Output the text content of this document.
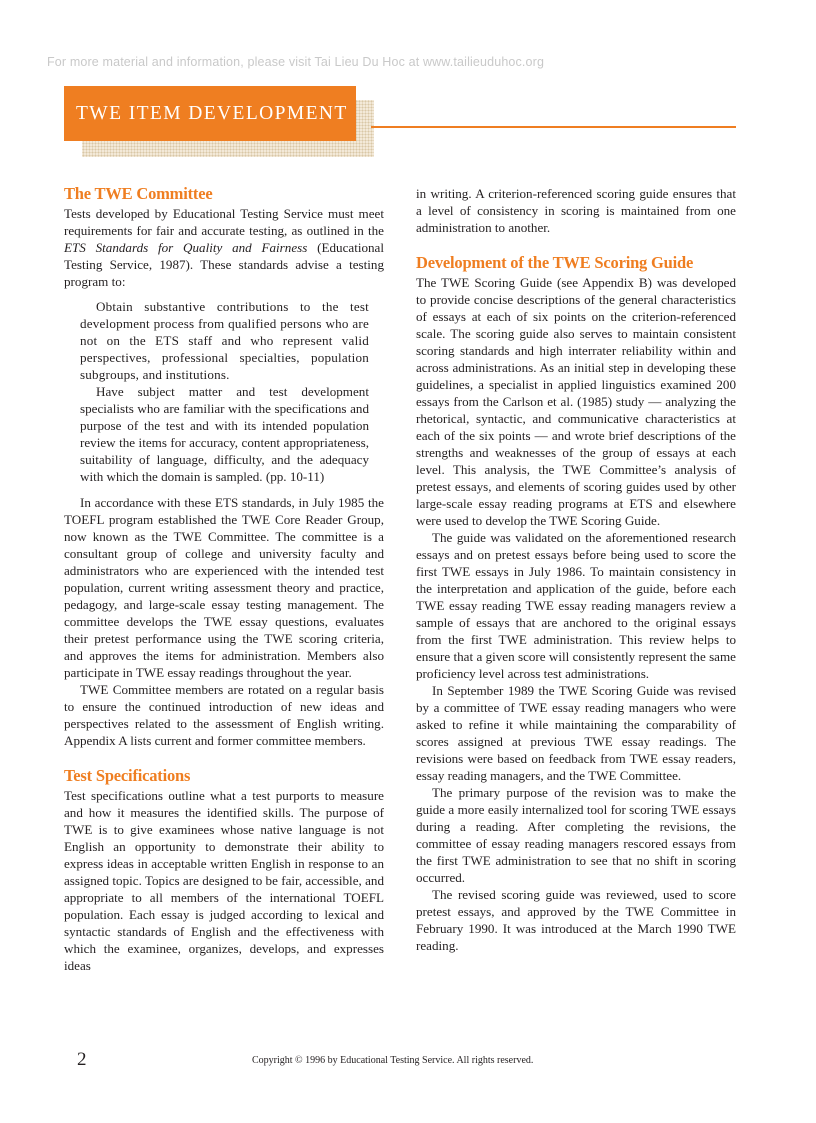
For more material and information, please visit Tai Lieu Du Hoc at www.tailieuduhoc.org
TWE ITEM DEVELOPMENT
The TWE Committee

Tests developed by Educational Testing Service must meet requirements for fair and accurate testing, as outlined in the ETS Standards for Quality and Fairness (Educational Testing Service, 1987). These standards advise a testing program to:

Obtain substantive contributions to the test development process from qualified persons who are not on the ETS staff and who represent valid perspectives, professional specialties, population subgroups, and institutions.

Have subject matter and test development specialists who are familiar with the specifications and purpose of the test and with its intended population review the items for accuracy, content appropriateness, suitability of language, difficulty, and the adequacy with which the domain is sampled. (pp. 10-11)

In accordance with these ETS standards, in July 1985 the TOEFL program established the TWE Core Reader Group, now known as the TWE Committee. The committee is a consultant group of college and university faculty and administrators who are experienced with the intended test population, current writing assessment theory and practice, pedagogy, and large-scale essay testing management. The committee develops the TWE essay questions, evaluates their pretest performance using the TWE scoring criteria, and approves the items for administration. Members also participate in TWE essay readings throughout the year.

TWE Committee members are rotated on a regular basis to ensure the continued introduction of new ideas and perspectives related to the assessment of English writing. Appendix A lists current and former committee members.

Test Specifications

Test specifications outline what a test purports to measure and how it measures the identified skills. The purpose of TWE is to give examinees whose native language is not English an opportunity to demonstrate their ability to express ideas in acceptable written English in response to an assigned topic. Topics are designed to be fair, accessible, and appropriate to all members of the international TOEFL population. Each essay is judged according to lexical and syntactic standards of English and the effectiveness with which the examinee, organizes, develops, and expresses ideas

in writing. A criterion-referenced scoring guide ensures that a level of consistency in scoring is maintained from one administration to another.

Development of the TWE Scoring Guide

The TWE Scoring Guide (see Appendix B) was developed to provide concise descriptions of the general characteristics of essays at each of six points on the criterion-referenced scale. The scoring guide also serves to maintain consistent scoring standards and high interrater reliability within and across administrations. As an initial step in developing these guidelines, a specialist in applied linguistics examined 200 essays from the Carlson et al. (1985) study — analyzing the rhetorical, syntactic, and communicative characteristics at each of the six points — and wrote brief descriptions of the strengths and weaknesses of the group of essays at each level. This analysis, the TWE Committee’s analysis of pretest essays, and elements of scoring guides used by other large-scale essay reading programs at ETS and elsewhere were used to develop the TWE Scoring Guide.

The guide was validated on the aforementioned research essays and on pretest essays before being used to score the first TWE essays in July 1986. To maintain consistency in the interpretation and application of the guide, before each TWE essay reading TWE essay reading managers review a sample of essays that are anchored to the original essays from the first TWE administration. This review helps to ensure that a given score will consistently represent the same proficiency level across test administrations.

In September 1989 the TWE Scoring Guide was revised by a committee of TWE essay reading managers who were asked to refine it while maintaining the comparability of scores assigned at previous TWE essay readings. The revisions were based on feedback from TWE essay readers, essay reading managers, and the TWE Committee.

The primary purpose of the revision was to make the guide a more easily internalized tool for scoring TWE essays during a reading. After completing the revisions, the committee of essay reading managers rescored essays from the first TWE administration to see that no shift in scoring occurred.

The revised scoring guide was reviewed, used to score pretest essays, and approved by the TWE Committee in February 1990. It was introduced at the March 1990 TWE reading.

2	Copyright © 1996 by Educational Testing Service. All rights reserved.
